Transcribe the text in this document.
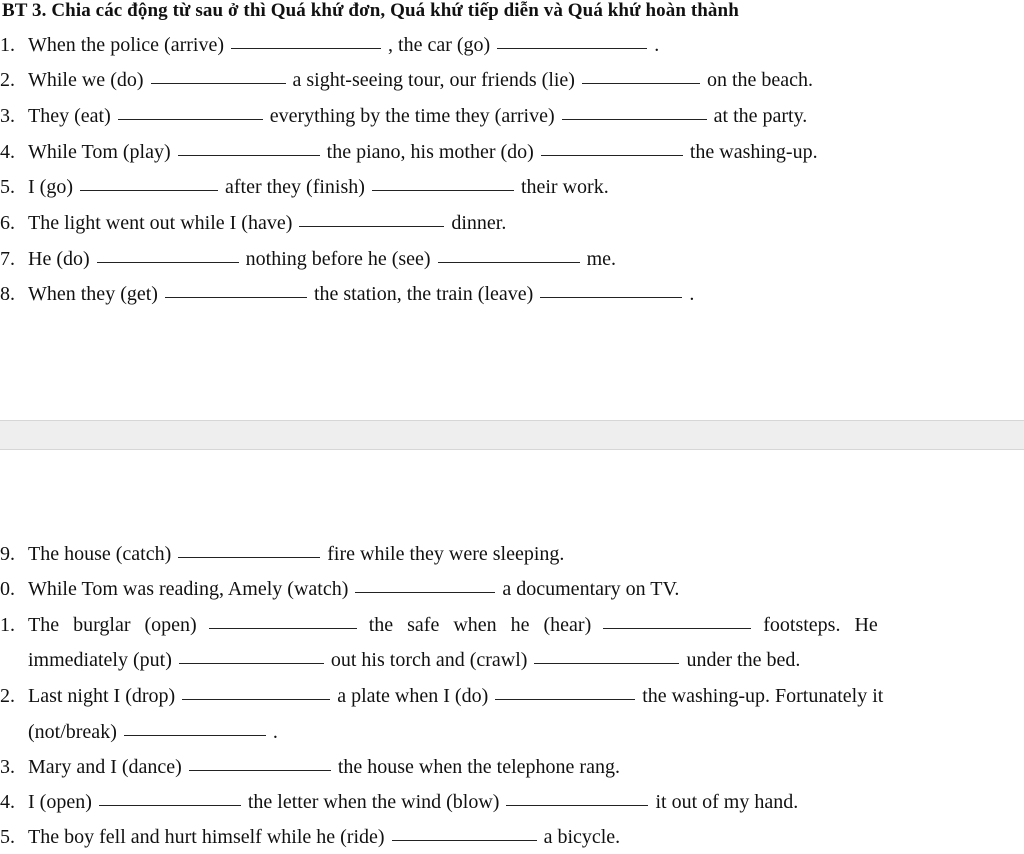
BT 3. Chia các động từ sau ở thì Quá khứ đơn, Quá khứ tiếp diễn và Quá khứ hoàn thành
1. When the police (arrive)	, the car (go)	.
2. While we (do)	a sight-seeing tour, our friends (lie)	on the beach.
3. They (eat)	everything by the time they (arrive)	at the party.
4. While Tom (play)	the piano, his mother (do)	the washing-up.
5. I (go)	after they (finish)	their work.
6. The light went out while I (have)	dinner.
7. He (do)	nothing before he (see)	me.
8. When they (get)	the station, the train (leave)	.
9. The house (catch)	fire while they were sleeping.
0. While Tom was reading, Amely (watch)	a documentary on TV.
1. The burglar (open)	the safe when he (hear)	footsteps. He
immediately (put)	out his torch and (crawl)	under the bed.
2. Last night I (drop)	a plate when I (do)	the washing-up. Fortunately it
(not/break)	.
3. Mary and I (dance)	the house when the telephone rang.
4. I (open)	the letter when the wind (blow)	it out of my hand.
5. The boy fell and hurt himself while he (ride)	a bicycle.
